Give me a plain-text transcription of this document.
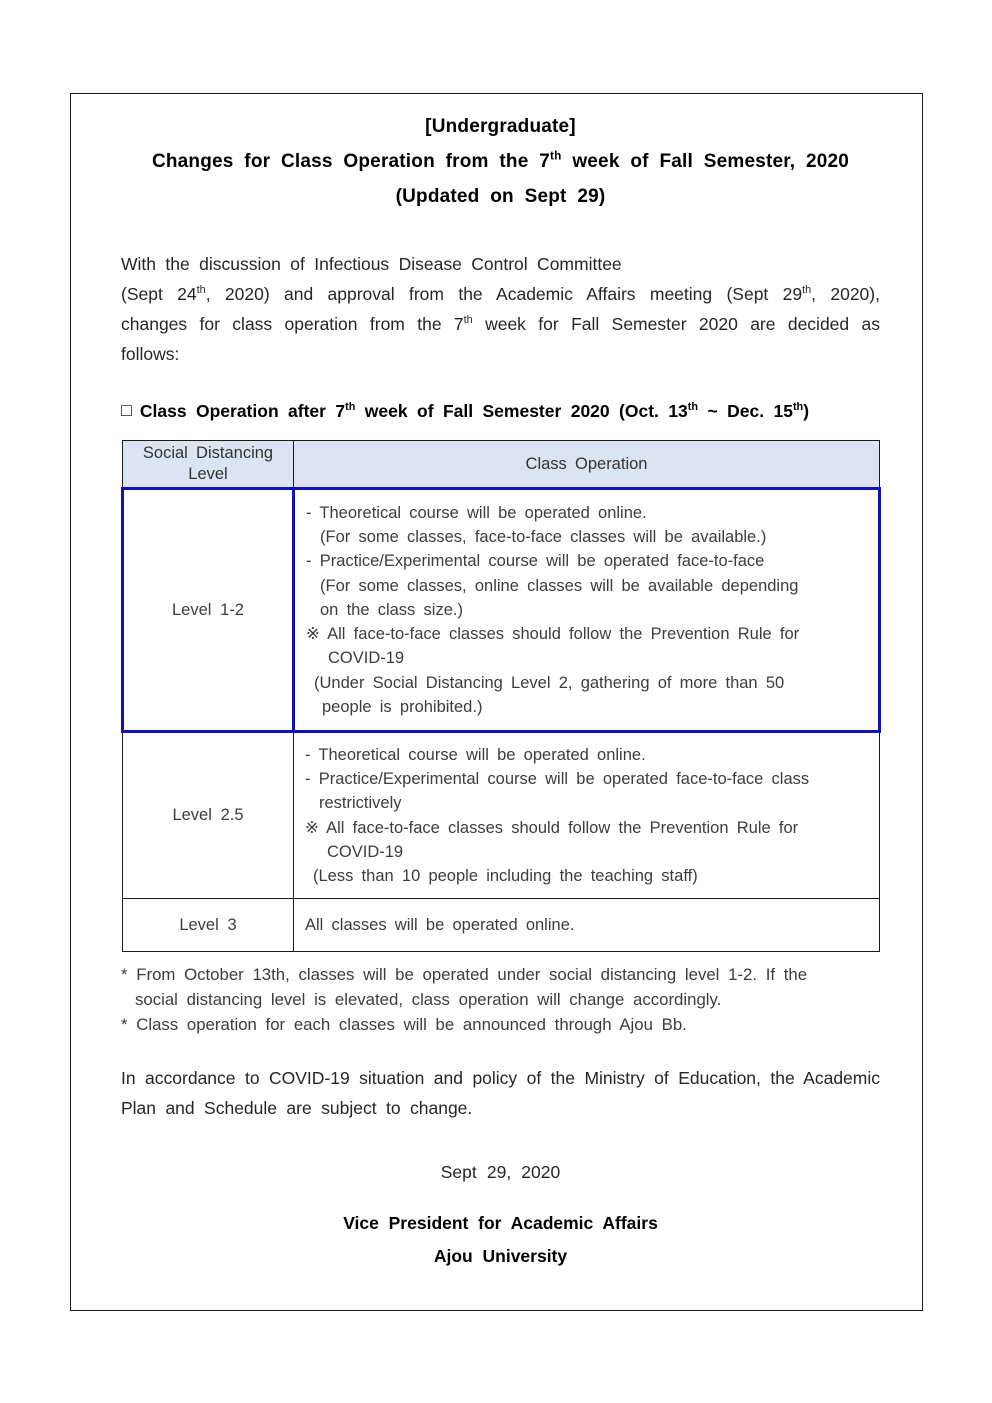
[Undergraduate]
Changes for Class Operation from the 7th week of Fall Semester, 2020
(Updated on Sept 29)
With the discussion of Infectious Disease Control Committee
(Sept 24th, 2020) and approval from the Academic Affairs meeting (Sept 29th, 2020), changes for class operation from the 7th week for Fall Semester 2020 are decided as follows:
□ Class Operation after 7th week of Fall Semester 2020 (Oct. 13th ~ Dec. 15th)
Social Distancing Level	Class Operation
Level 1-2	
- Theoretical course will be operated online.
(For some classes, face-to-face classes will be available.)
- Practice/Experimental course will be operated face-to-face
(For some classes, online classes will be available depending
on the class size.)
※ All face-to-face classes should follow the Prevention Rule for
COVID-19
(Under Social Distancing Level 2, gathering of more than 50
people is prohibited.)

Level 2.5	
- Theoretical course will be operated online.
- Practice/Experimental course will be operated face-to-face class
restrictively
※ All face-to-face classes should follow the Prevention Rule for
COVID-19
(Less than 10 people including the teaching staff)

Level 3	All classes will be operated online.
* From October 13th, classes will be operated under social distancing level 1-2. If the
social distancing level is elevated, class operation will change accordingly.
* Class operation for each classes will be announced through Ajou Bb.
In accordance to COVID-19 situation and policy of the Ministry of Education, the Academic Plan and Schedule are subject to change.
Sept 29, 2020
Vice President for Academic Affairs
Ajou University
